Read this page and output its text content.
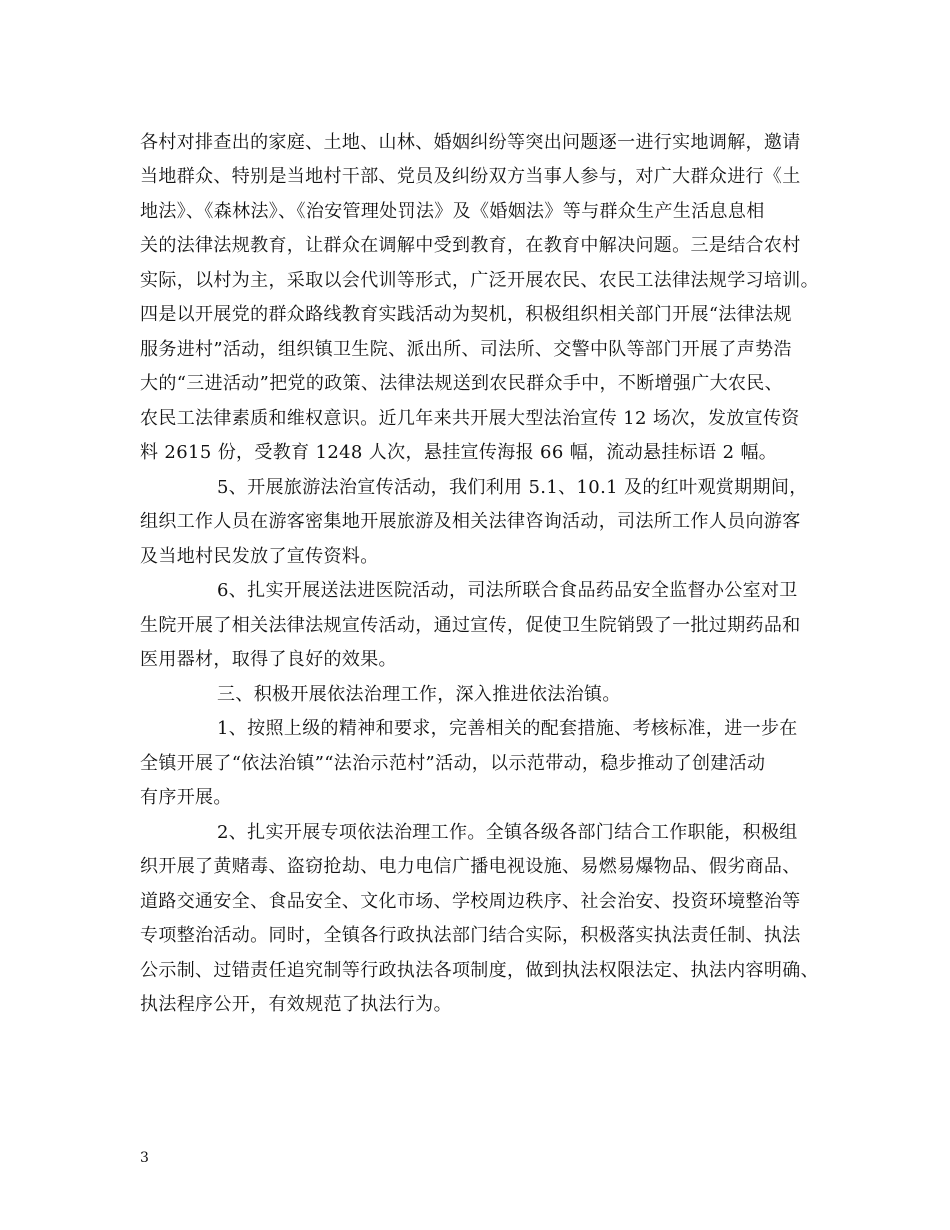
各村对排查出的家庭、土地、山林、婚姻纠纷等突出问题逐一进行实地调解，邀请
当地群众、特别是当地村干部、党员及纠纷双方当事人参与，对广大群众进行《土
地法》、《森林法》、《治安管理处罚法》及《婚姻法》等与群众生产生活息息相
关的法律法规教育，让群众在调解中受到教育，在教育中解决问题。三是结合农村
实际，以村为主，采取以会代训等形式，广泛开展农民、农民工法律法规学习培训。
四是以开展党的群众路线教育实践活动为契机，积极组织相关部门开展“法律法规
服务进村”活动，组织镇卫生院、派出所、司法所、交警中队等部门开展了声势浩
大的“三进活动”把党的政策、法律法规送到农民群众手中，不断增强广大农民、
农民工法律素质和维权意识。近几年来共开展大型法治宣传 12 场次，发放宣传资
料 2615 份，受教育 1248 人次，悬挂宣传海报 66 幅，流动悬挂标语 2 幅。
5、开展旅游法治宣传活动，我们利用 5.1、10.1 及的红叶观赏期期间，
组织工作人员在游客密集地开展旅游及相关法律咨询活动，司法所工作人员向游客
及当地村民发放了宣传资料。
6、扎实开展送法进医院活动，司法所联合食品药品安全监督办公室对卫
生院开展了相关法律法规宣传活动，通过宣传，促使卫生院销毁了一批过期药品和
医用器材，取得了良好的效果。
三、积极开展依法治理工作，深入推进依法治镇。
1、按照上级的精神和要求，完善相关的配套措施、考核标准，进一步在
全镇开展了“依法治镇”“法治示范村”活动，以示范带动，稳步推动了创建活动
有序开展。
2、扎实开展专项依法治理工作。全镇各级各部门结合工作职能，积极组
织开展了黄赌毒、盗窃抢劫、电力电信广播电视设施、易燃易爆物品、假劣商品、
道路交通安全、食品安全、文化市场、学校周边秩序、社会治安、投资环境整治等
专项整治活动。同时，全镇各行政执法部门结合实际，积极落实执法责任制、执法
公示制、过错责任追究制等行政执法各项制度，做到执法权限法定、执法内容明确、
执法程序公开，有效规范了执法行为。
3
